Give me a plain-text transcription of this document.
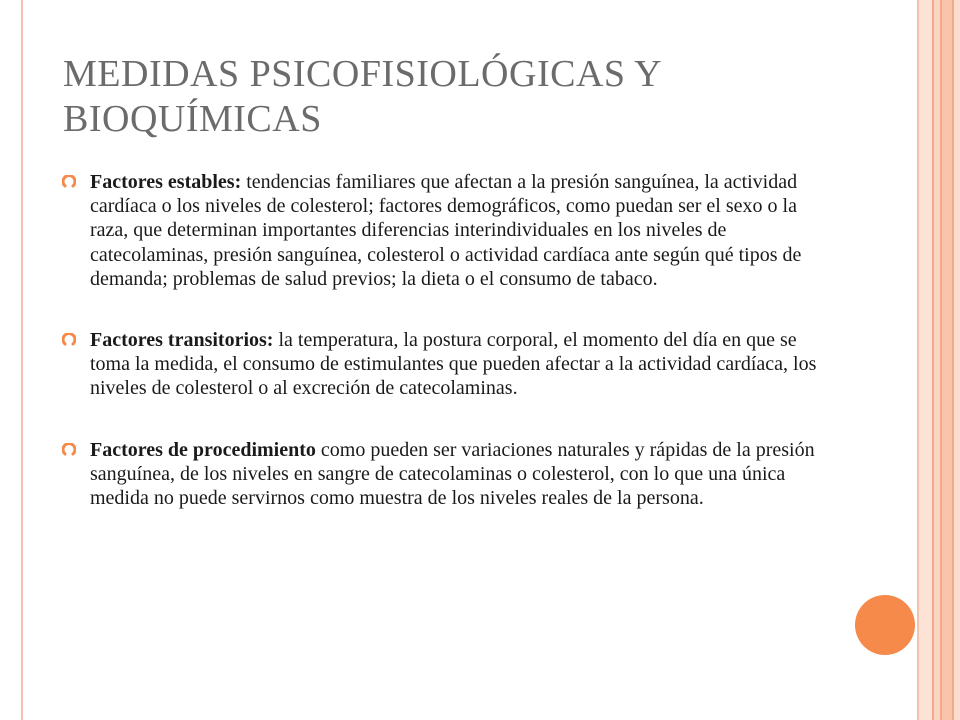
MEDIDAS PSICOFISIOLÓGICAS Y
BIOQUÍMICAS
Factores estables: tendencias familiares que afectan a la presión sanguínea, la actividad cardíaca o los niveles de colesterol; factores demográficos, como puedan ser el sexo o la raza, que determinan importantes diferencias interindividuales en los niveles de catecolaminas, presión sanguínea, colesterol o actividad cardíaca ante según qué tipos de demanda; problemas de salud previos; la dieta o el consumo de tabaco.
Factores transitorios: la temperatura, la postura corporal, el momento del día en que se toma la medida, el consumo de estimulantes que pueden afectar a la actividad cardíaca, los niveles de colesterol o al excreción de catecolaminas.
Factores de procedimiento como pueden ser variaciones naturales y rápidas de la presión sanguínea, de los niveles en sangre de catecolaminas o colesterol, con lo que una única medida no puede servirnos como muestra de los niveles reales de la persona.
